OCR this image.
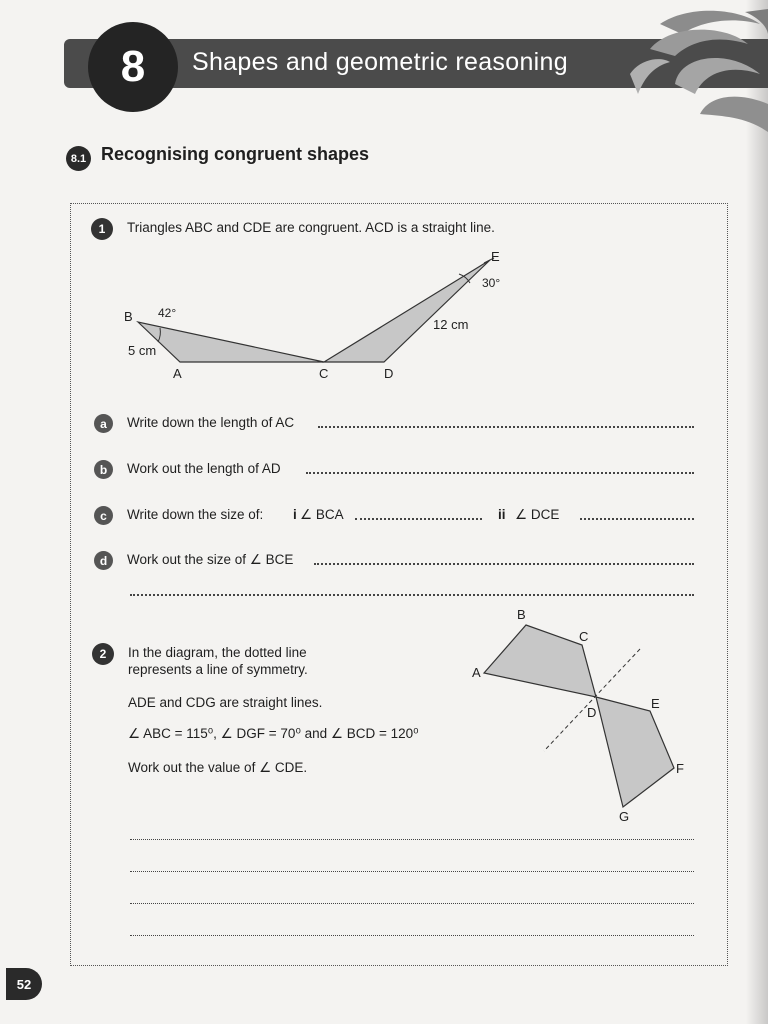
Shapes and geometric reasoning
8
8.1 Recognising congruent shapes
1	Triangles ABC and CDE are congruent. ACD is a straight line.
B 42°
5 cm
A	C	D
E
30°
12 cm
a	Write down the length of AC
b	Work out the length of AD
c	Write down the size of: i ∠ BCA	ii ∠ DCE
d	Work out the size of ∠ BCE
2	In the diagram, the dotted line
represents a line of symmetry.
ADE and CDG are straight lines.
∠ ABC = 115⁰, ∠ DGF = 70⁰ and ∠ BCD = 120⁰
Work out the value of ∠ CDE.
B
C
A
D
E
F
G
52
